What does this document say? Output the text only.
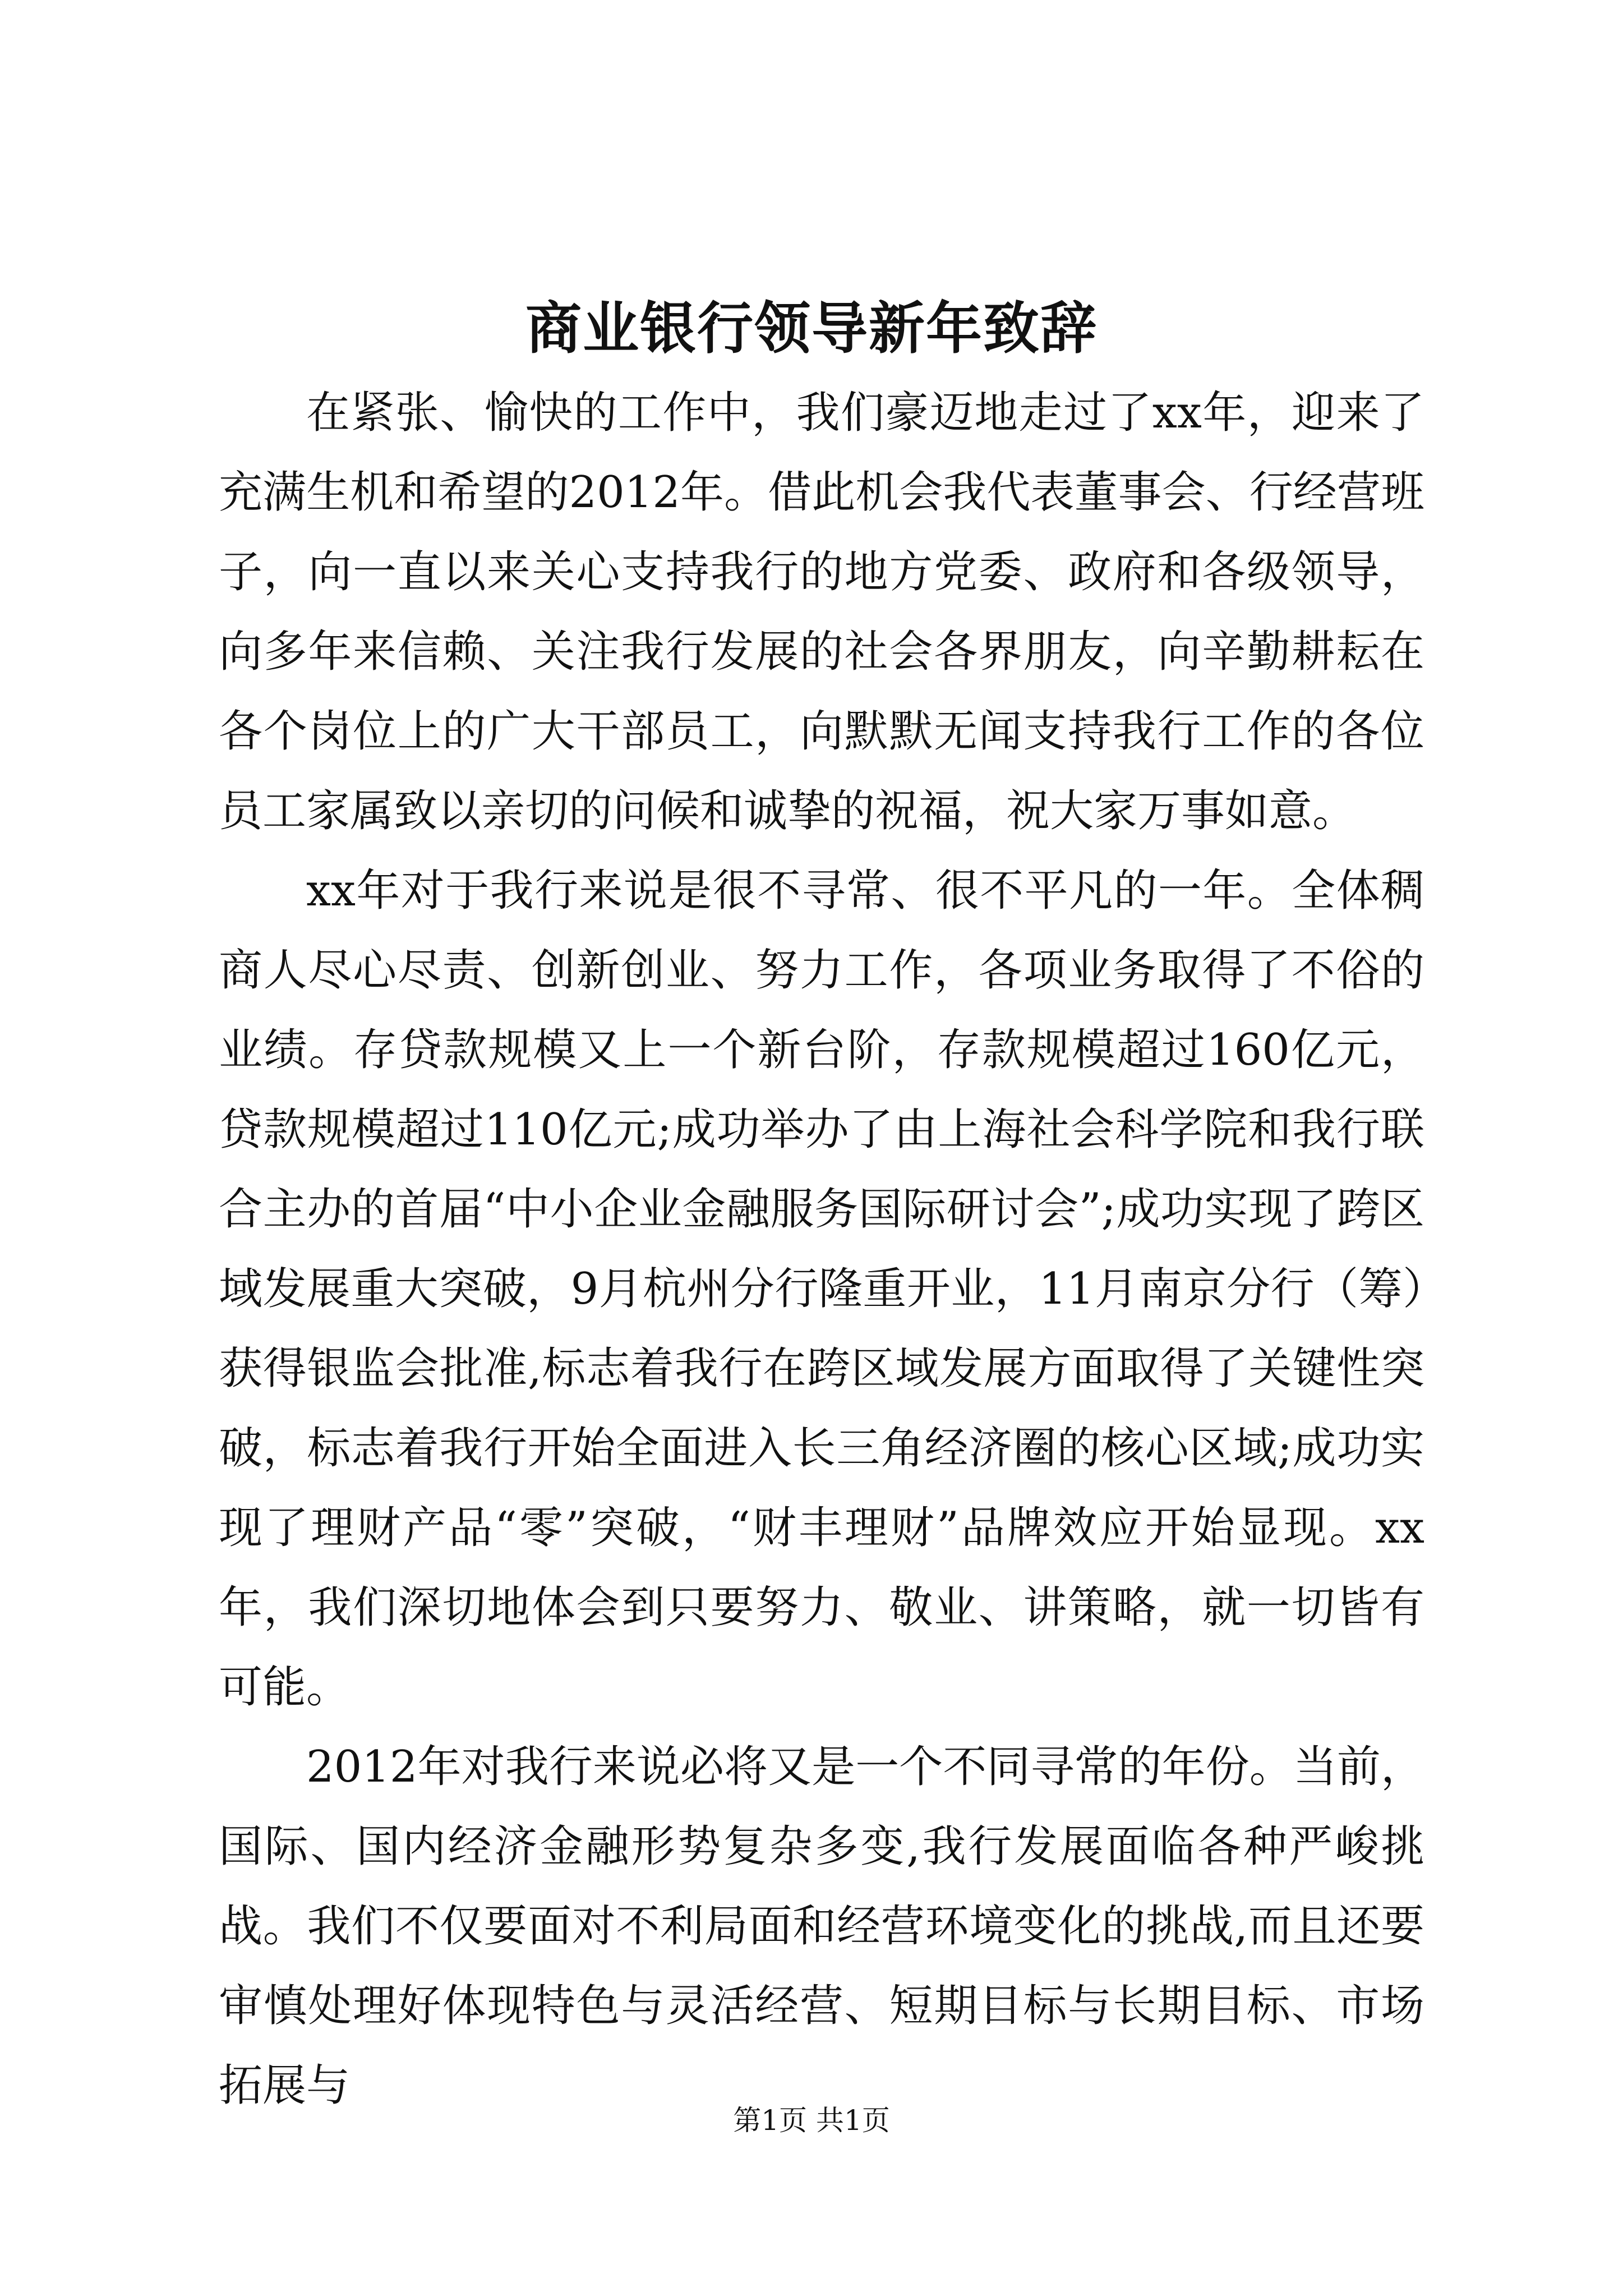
商业银行领导新年致辞

在紧张、愉快的工作中，我们豪迈地走过了xx年，迎来了充满生机和希望的2012年。借此机会我代表董事会、行经营班子，向一直以来关心支持我行的地方党委、政府和各级领导，向多年来信赖、关注我行发展的社会各界朋友，向辛勤耕耘在各个岗位上的广大干部员工，向默默无闻支持我行工作的各位员工家属致以亲切的问候和诚挚的祝福，祝大家万事如意。

xx年对于我行来说是很不寻常、很不平凡的一年。全体稠商人尽心尽责、创新创业、努力工作，各项业务取得了不俗的业绩。存贷款规模又上一个新台阶，存款规模超过160亿元，贷款规模超过110亿元;成功举办了由上海社会科学院和我行联合主办的首届“中小企业金融服务国际研讨会”;成功实现了跨区域发展重大突破，9月杭州分行隆重开业，11月南京分行（筹）获得银监会批准,标志着我行在跨区域发展方面取得了关键性突破，标志着我行开始全面进入长三角经济圈的核心区域;成功实现了理财产品“零”突破，“财丰理财”品牌效应开始显现。xx年，我们深切地体会到只要努力、敬业、讲策略，就一切皆有可能。

2012年对我行来说必将又是一个不同寻常的年份。当前，国际、国内经济金融形势复杂多变,我行发展面临各种严峻挑战。我们不仅要面对不利局面和经营环境变化的挑战,而且还要审慎处理好体现特色与灵活经营、短期目标与长期目标、市场拓展与

第1页 共1页
